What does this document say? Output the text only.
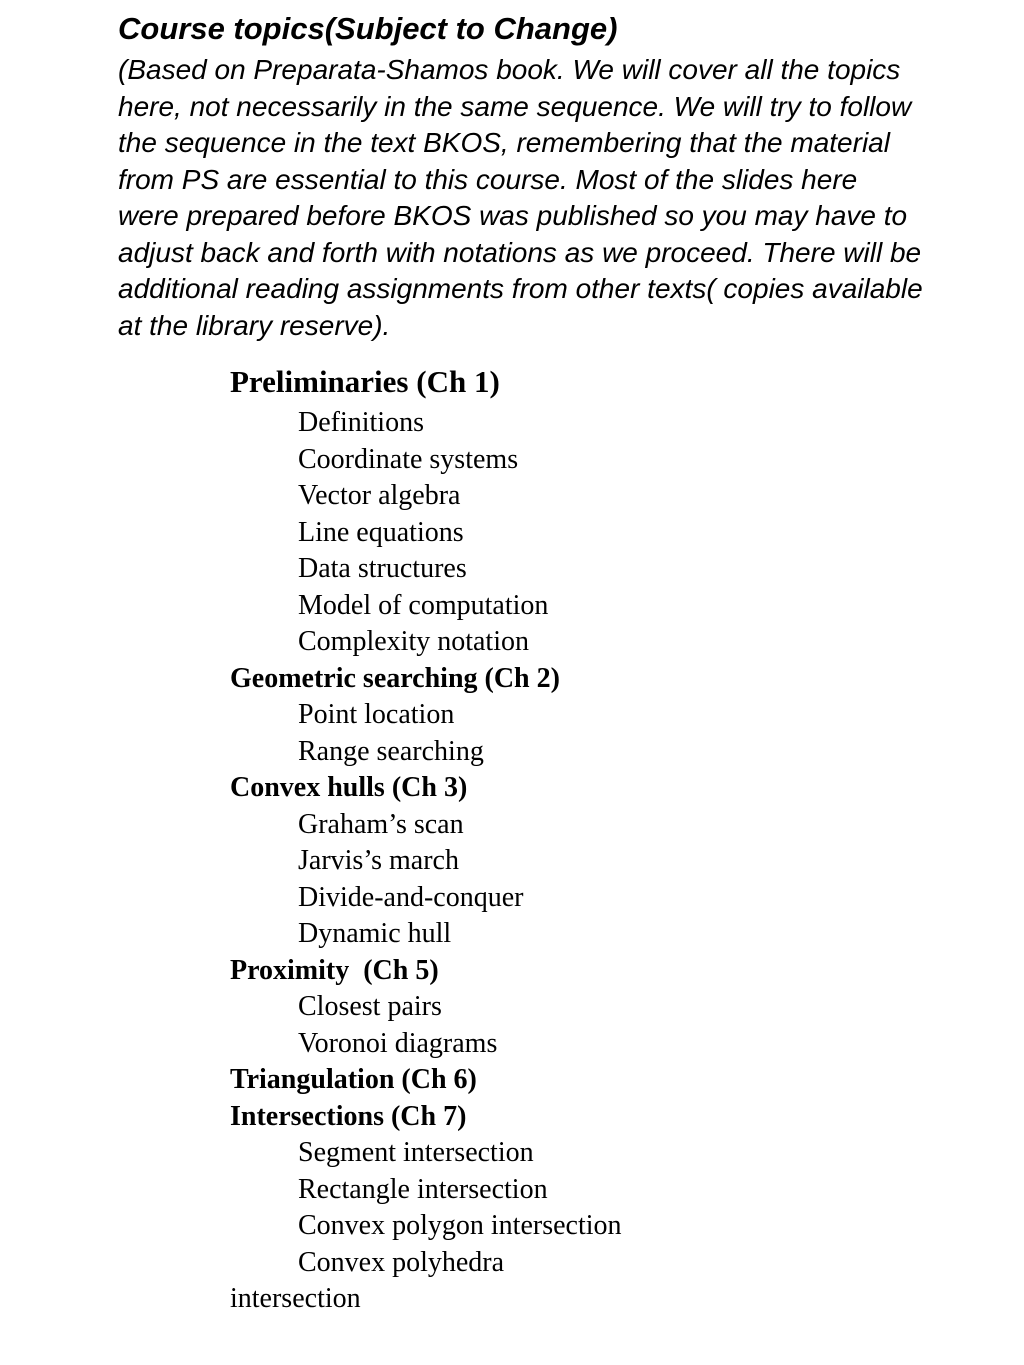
Course topics(Subject to Change)
(Based on Preparata-Shamos book. We will cover all the topics
here, not necessarily in the same sequence. We will try to follow
the sequence in the text BKOS, remembering that the material
from PS are essential to this course. Most of the slides here
were prepared before BKOS was published so you may have to
adjust back and forth with notations as we proceed. There will be
additional reading assignments from other texts( copies available
at the library reserve).
Preliminaries (Ch 1)
Definitions
Coordinate systems
Vector algebra
Line equations
Data structures
Model of computation
Complexity notation
Geometric searching (Ch 2)
Point location
Range searching
Convex hulls (Ch 3)
Graham’s scan
Jarvis’s march
Divide-and-conquer
Dynamic hull
Proximity  (Ch 5)
Closest pairs
Voronoi diagrams
Triangulation (Ch 6)
Intersections (Ch 7)
Segment intersection
Rectangle intersection
Convex polygon intersection
Convex polyhedra
intersection
